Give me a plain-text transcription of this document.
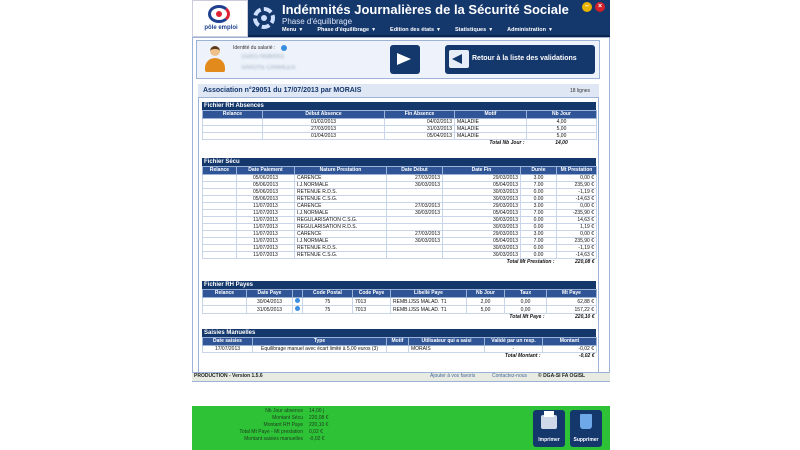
pôle emploi
Indémnités Journalières de la Sécurité Sociale
Phase d'équilibrage
–	×
Menu ▼	Phase d'équilibrage ▼	Edition des états ▼	Statistiques ▼	Administration ▼
Identité du salarié :
1530176580001
SAVOYE CHARLES
Retour à la liste des validations
Association n°29051 du 17/07/2013 par MORAIS	18 lignes
Fichier RH Absences
Relance	Début Absence	Fin Absence	Motif	Nb Jour
	01/02/2013	04/02/2013	MALADIE	4,00
	27/03/2013	31/03/2013	MALADIE	5,00
	01/04/2013	05/04/2013	MALADIE	5,00
Total Nb Jour :				14,00
Fichier Sécu
Relance	Date Paiement	Nature Prestation	Date Début	Date Fin	Durée	Mt Prestation
	05/06/2013	CARENCE	27/03/2013	29/03/2013	3.00	0,00 €
	05/06/2013	I.J.NORMALE	30/03/2013	05/04/2013	7.00	235,90 €
	05/06/2013	RETENUE R.D.S.		30/03/2013	0.00	-1,19 €
	05/06/2013	RETENUE C.S.G.		30/03/2013	0.00	-14,63 €
	11/07/2013	CARENCE	27/03/2013	29/03/2013	3.00	0,00 €
	11/07/2013	I.J.NORMALE	30/03/2013	05/04/2013	7.00	-235,90 €
	11/07/2013	REGULARISATION C.S.G.		30/03/2013	0.00	14,63 €
	11/07/2013	REGULARISATION R.D.S.		30/03/2013	0.00	1,19 €
	11/07/2013	CARENCE	27/03/2013	29/03/2013	3.00	0,00 €
	11/07/2013	I.J.NORMALE	30/03/2013	05/04/2013	7.00	235,90 €
	11/07/2013	RETENUE R.D.S.		30/03/2013	0.00	-1,19 €
	11/07/2013	RETENUE C.S.G.		30/03/2013	0.00	-14,63 €
Total Mt Prestation :						220,08 €
Fichier RH Payes
Relance	Date Paye		Code Postal	Code Paye	Libellé Paye	Nb Jour	Taux	Mt Paye
	30/04/2013		75	7013	REMB.IJSS MALAD. T1	2,00	0,00	62,88 €
	31/05/2013		75	7013	REMB.IJSS MALAD. T1	5,00	0,00	157,22 €
Total Mt Paye :								220,10 €
Saisies Manuelles
Date saisies	Type	Motif	Utilisateur qui a saisi	Validé par un resp.	Montant
17/07/2013	Equilibrage manuel avec écart limité à 5,00 euros (3)		MORAIS	-	-0,02 €
Total Montant :					-0,02 €
PRODUCTION - Version 1.5.6	Ajouter à vos favoris	Contactez-nous © DGA-SI FA OGISL
Nb Jour absence 14,00 j
Montant Sécu 220,08 €
Montant RH Paye 220,10 €
Total Mt Paye - Mt prestation 0,02 €
Montant saisies manuelles -0,02 €	Imprimer	Supprimer
